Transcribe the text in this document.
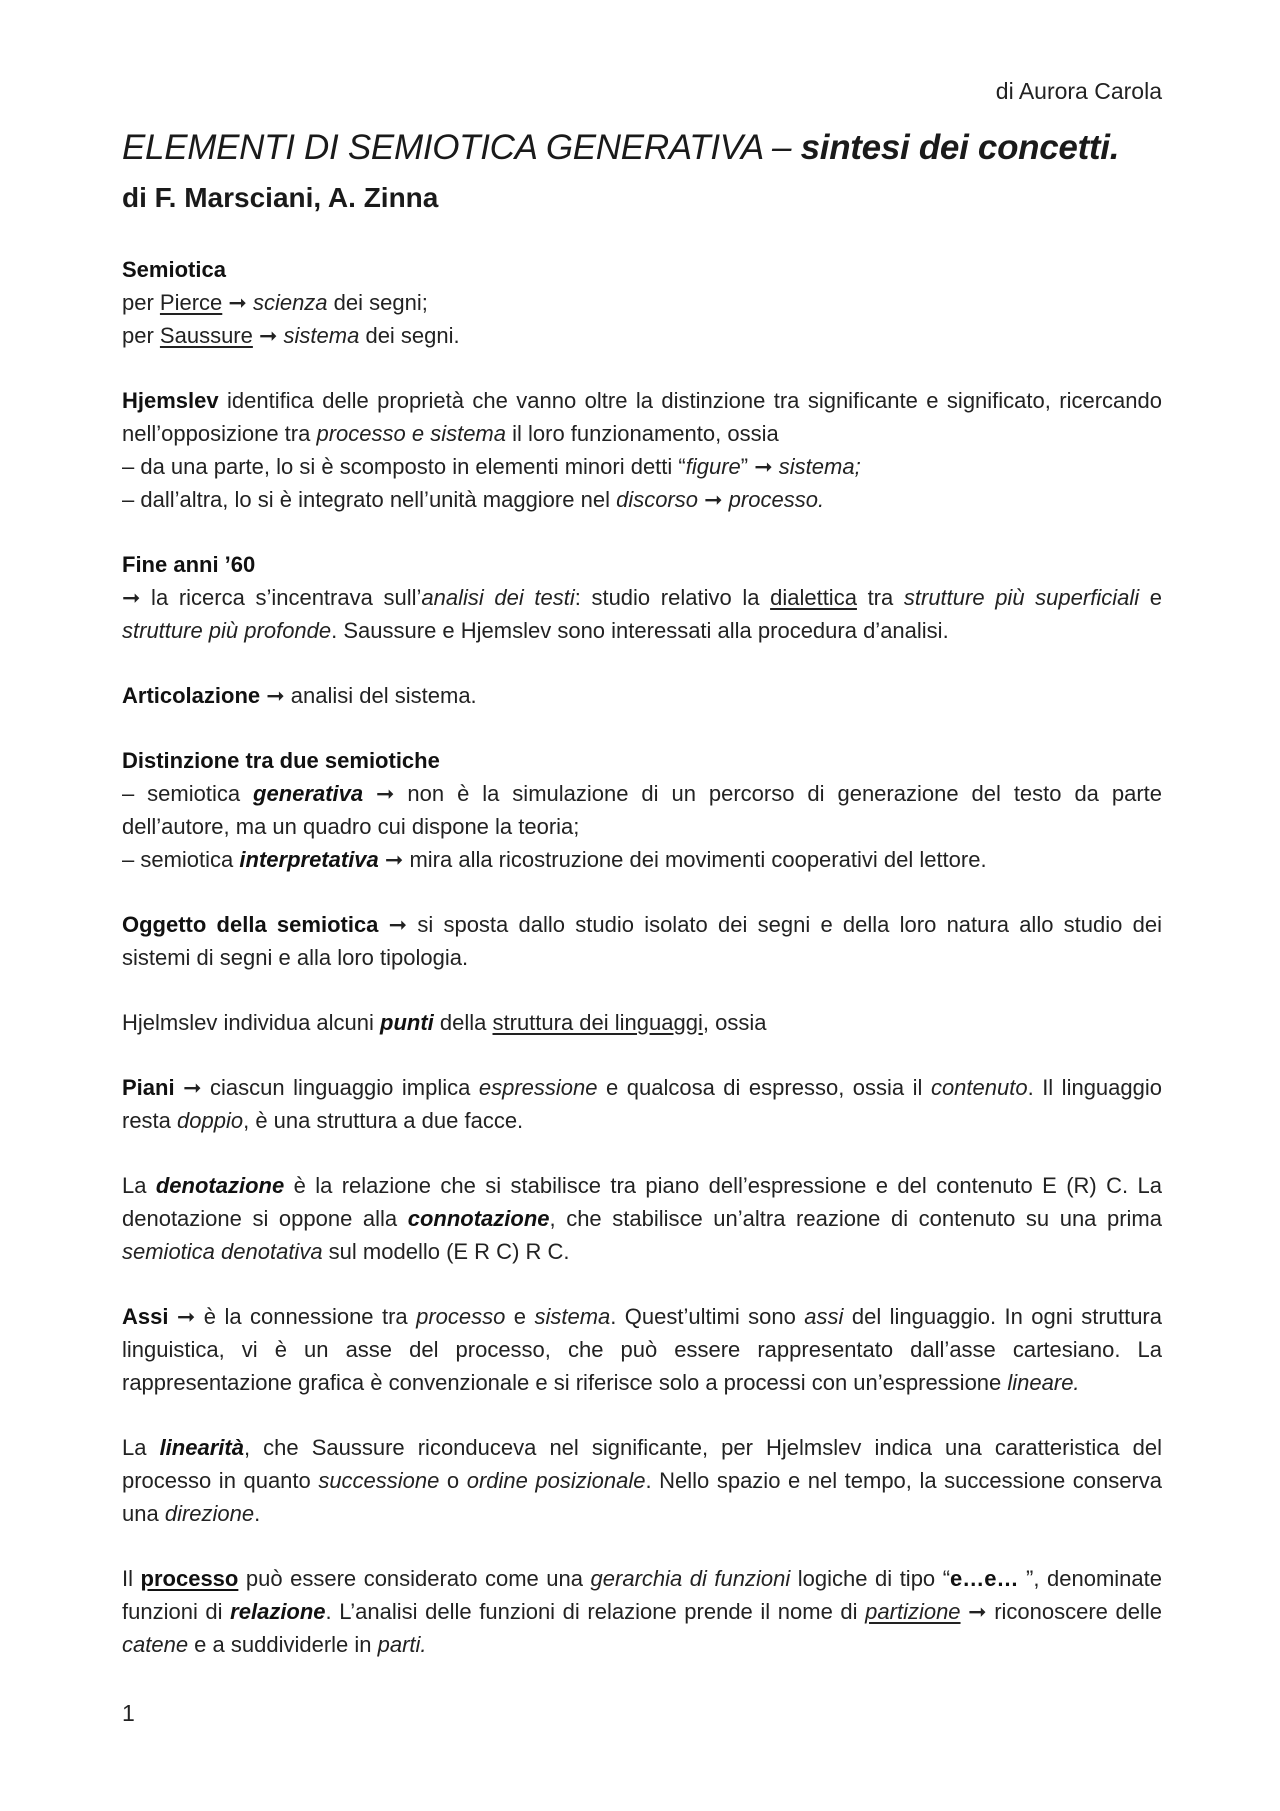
di Aurora Carola
ELEMENTI DI SEMIOTICA GENERATIVA – sintesi dei concetti.
di F. Marsciani, A. Zinna

Semiotica
per Pierce ➞ scienza dei segni;
per Saussure ➞ sistema dei segni.

Hjemslev identifica delle proprietà che vanno oltre la distinzione tra significante e significato, ricercando nell’opposizione tra processo e sistema il loro funzionamento, ossia
– da una parte, lo si è scomposto in elementi minori detti “figure” ➞ sistema;
– dall’altra, lo si è integrato nell’unità maggiore nel discorso ➞ processo.

Fine anni ’60
➞ la ricerca s’incentrava sull’analisi dei testi: studio relativo la dialettica tra strutture più superficiali e strutture più profonde. Saussure e Hjemslev sono interessati alla procedura d’analisi.

Articolazione ➞ analisi del sistema.

Distinzione tra due semiotiche
– semiotica generativa ➞ non è la simulazione di un percorso di generazione del testo da parte dell’autore, ma un quadro cui dispone la teoria;
– semiotica interpretativa ➞ mira alla ricostruzione dei movimenti cooperativi del lettore.

Oggetto della semiotica ➞ si sposta dallo studio isolato dei segni e della loro natura allo studio dei sistemi di segni e alla loro tipologia.

Hjelmslev individua alcuni punti della struttura dei linguaggi, ossia

Piani ➞ ciascun linguaggio implica espressione e qualcosa di espresso, ossia il contenuto. Il linguaggio resta doppio, è una struttura a due facce.

La denotazione è la relazione che si stabilisce tra piano dell’espressione e del contenuto E (R) C. La denotazione si oppone alla connotazione, che stabilisce un’altra reazione di contenuto su una prima semiotica denotativa sul modello (E R C) R C.

Assi ➞ è la connessione tra processo e sistema. Quest’ultimi sono assi del linguaggio. In ogni struttura linguistica, vi è un asse del processo, che può essere rappresentato dall’asse cartesiano. La rappresentazione grafica è convenzionale e si riferisce solo a processi con un’espressione lineare.

La linearità, che Saussure riconduceva nel significante, per Hjelmslev indica una caratteristica del processo in quanto successione o ordine posizionale. Nello spazio e nel tempo, la successione conserva una direzione.

Il processo può essere considerato come una gerarchia di funzioni logiche di tipo “e…e… ”, denominate funzioni di relazione. L’analisi delle funzioni di relazione prende il nome di partizione ➞ riconoscere delle catene e a suddividerle in parti.

1
